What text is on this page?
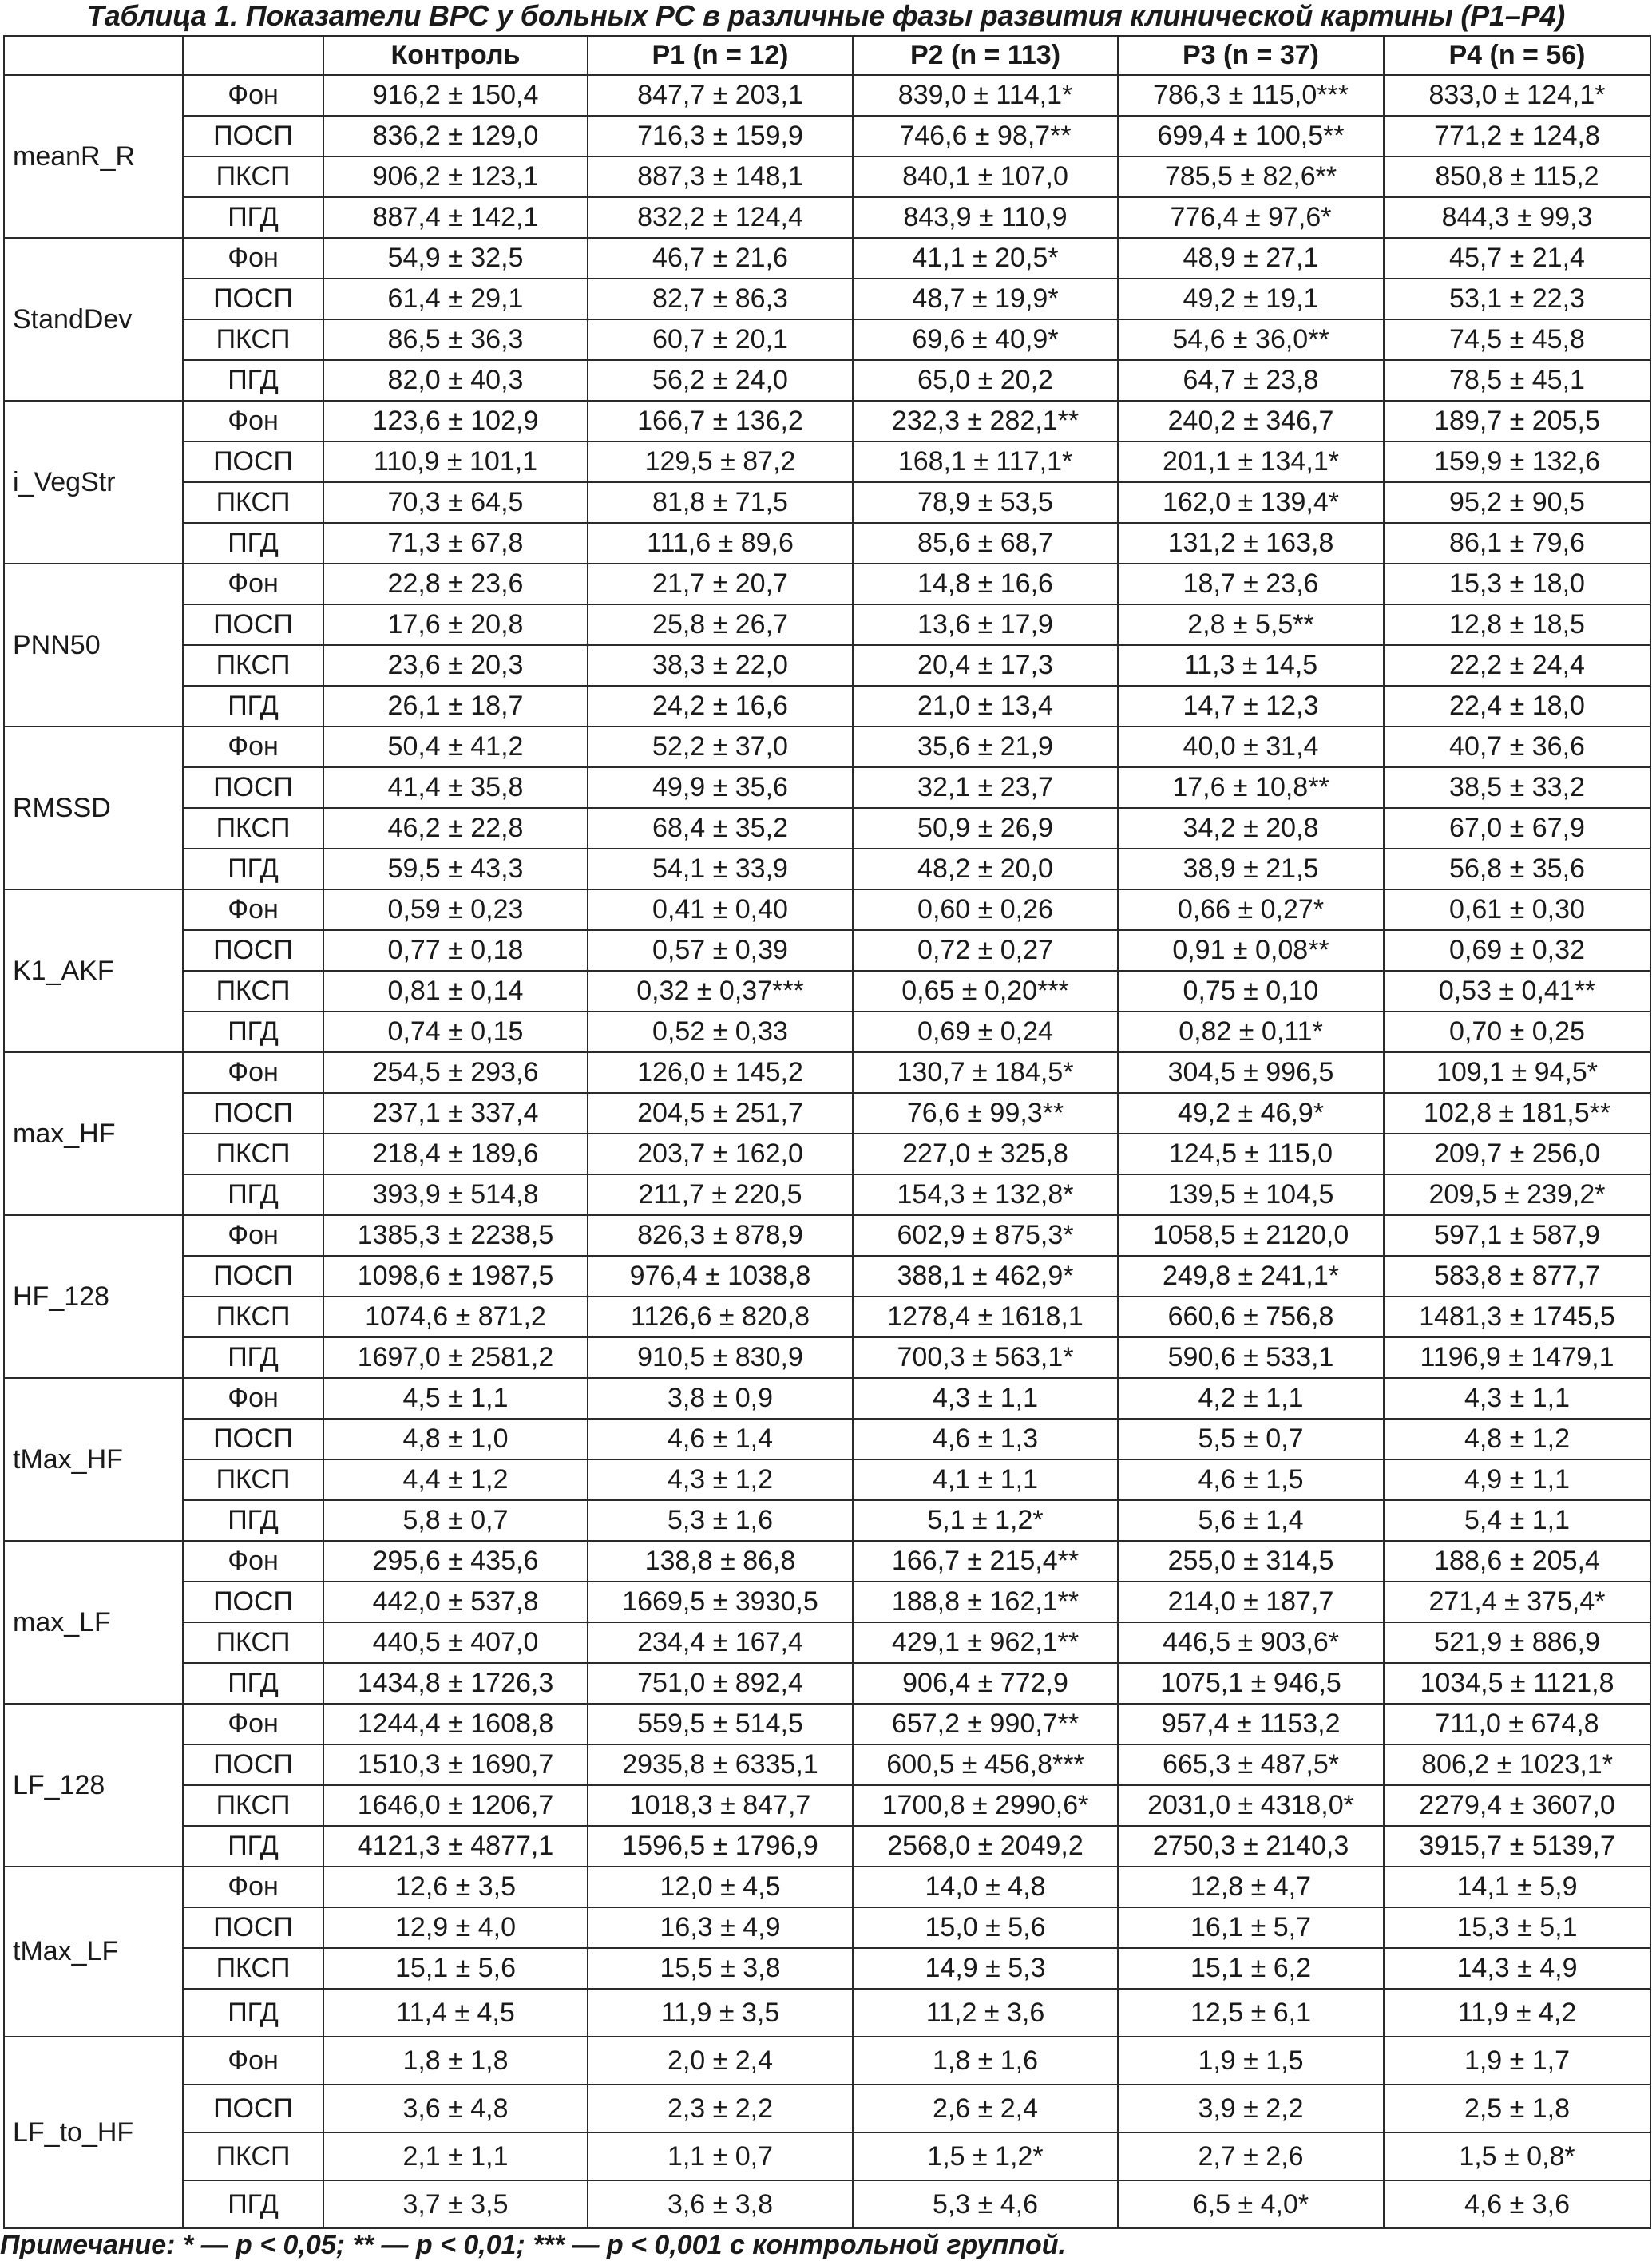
Таблица 1. Показатели ВРС у больных РС в различные фазы развития клинической картины (Р1–Р4)
		Контроль	P1 (n = 12)	P2 (n = 113)	P3 (n = 37)	P4 (n = 56)
meanR_R	Фон	916,2 ± 150,4	847,7 ± 203,1	839,0 ± 114,1*	786,3 ± 115,0***	833,0 ± 124,1*
	ПОСП	836,2 ± 129,0	716,3 ± 159,9	746,6 ± 98,7**	699,4 ± 100,5**	771,2 ± 124,8
	ПКСП	906,2 ± 123,1	887,3 ± 148,1	840,1 ± 107,0	785,5 ± 82,6**	850,8 ± 115,2
	ПГД	887,4 ± 142,1	832,2 ± 124,4	843,9 ± 110,9	776,4 ± 97,6*	844,3 ± 99,3
StandDev	Фон	54,9 ± 32,5	46,7 ± 21,6	41,1 ± 20,5*	48,9 ± 27,1	45,7 ± 21,4
	ПОСП	61,4 ± 29,1	82,7 ± 86,3	48,7 ± 19,9*	49,2 ± 19,1	53,1 ± 22,3
	ПКСП	86,5 ± 36,3	60,7 ± 20,1	69,6 ± 40,9*	54,6 ± 36,0**	74,5 ± 45,8
	ПГД	82,0 ± 40,3	56,2 ± 24,0	65,0 ± 20,2	64,7 ± 23,8	78,5 ± 45,1
i_VegStr	Фон	123,6 ± 102,9	166,7 ± 136,2	232,3 ± 282,1**	240,2 ± 346,7	189,7 ± 205,5
	ПОСП	110,9 ± 101,1	129,5 ± 87,2	168,1 ± 117,1*	201,1 ± 134,1*	159,9 ± 132,6
	ПКСП	70,3 ± 64,5	81,8 ± 71,5	78,9 ± 53,5	162,0 ± 139,4*	95,2 ± 90,5
	ПГД	71,3 ± 67,8	111,6 ± 89,6	85,6 ± 68,7	131,2 ± 163,8	86,1 ± 79,6
PNN50	Фон	22,8 ± 23,6	21,7 ± 20,7	14,8 ± 16,6	18,7 ± 23,6	15,3 ± 18,0
	ПОСП	17,6 ± 20,8	25,8 ± 26,7	13,6 ± 17,9	2,8 ± 5,5**	12,8 ± 18,5
	ПКСП	23,6 ± 20,3	38,3 ± 22,0	20,4 ± 17,3	11,3 ± 14,5	22,2 ± 24,4
	ПГД	26,1 ± 18,7	24,2 ± 16,6	21,0 ± 13,4	14,7 ± 12,3	22,4 ± 18,0
RMSSD	Фон	50,4 ± 41,2	52,2 ± 37,0	35,6 ± 21,9	40,0 ± 31,4	40,7 ± 36,6
	ПОСП	41,4 ± 35,8	49,9 ± 35,6	32,1 ± 23,7	17,6 ± 10,8**	38,5 ± 33,2
	ПКСП	46,2 ± 22,8	68,4 ± 35,2	50,9 ± 26,9	34,2 ± 20,8	67,0 ± 67,9
	ПГД	59,5 ± 43,3	54,1 ± 33,9	48,2 ± 20,0	38,9 ± 21,5	56,8 ± 35,6
K1_AKF	Фон	0,59 ± 0,23	0,41 ± 0,40	0,60 ± 0,26	0,66 ± 0,27*	0,61 ± 0,30
	ПОСП	0,77 ± 0,18	0,57 ± 0,39	0,72 ± 0,27	0,91 ± 0,08**	0,69 ± 0,32
	ПКСП	0,81 ± 0,14	0,32 ± 0,37***	0,65 ± 0,20***	0,75 ± 0,10	0,53 ± 0,41**
	ПГД	0,74 ± 0,15	0,52 ± 0,33	0,69 ± 0,24	0,82 ± 0,11*	0,70 ± 0,25
max_HF	Фон	254,5 ± 293,6	126,0 ± 145,2	130,7 ± 184,5*	304,5 ± 996,5	109,1 ± 94,5*
	ПОСП	237,1 ± 337,4	204,5 ± 251,7	76,6 ± 99,3**	49,2 ± 46,9*	102,8 ± 181,5**
	ПКСП	218,4 ± 189,6	203,7 ± 162,0	227,0 ± 325,8	124,5 ± 115,0	209,7 ± 256,0
	ПГД	393,9 ± 514,8	211,7 ± 220,5	154,3 ± 132,8*	139,5 ± 104,5	209,5 ± 239,2*
HF_128	Фон	1385,3 ± 2238,5	826,3 ± 878,9	602,9 ± 875,3*	1058,5 ± 2120,0	597,1 ± 587,9
	ПОСП	1098,6 ± 1987,5	976,4 ± 1038,8	388,1 ± 462,9*	249,8 ± 241,1*	583,8 ± 877,7
	ПКСП	1074,6 ± 871,2	1126,6 ± 820,8	1278,4 ± 1618,1	660,6 ± 756,8	1481,3 ± 1745,5
	ПГД	1697,0 ± 2581,2	910,5 ± 830,9	700,3 ± 563,1*	590,6 ± 533,1	1196,9 ± 1479,1
tMax_HF	Фон	4,5 ± 1,1	3,8 ± 0,9	4,3 ± 1,1	4,2 ± 1,1	4,3 ± 1,1
	ПОСП	4,8 ± 1,0	4,6 ± 1,4	4,6 ± 1,3	5,5 ± 0,7	4,8 ± 1,2
	ПКСП	4,4 ± 1,2	4,3 ± 1,2	4,1 ± 1,1	4,6 ± 1,5	4,9 ± 1,1
	ПГД	5,8 ± 0,7	5,3 ± 1,6	5,1 ± 1,2*	5,6 ± 1,4	5,4 ± 1,1
max_LF	Фон	295,6 ± 435,6	138,8 ± 86,8	166,7 ± 215,4**	255,0 ± 314,5	188,6 ± 205,4
	ПОСП	442,0 ± 537,8	1669,5 ± 3930,5	188,8 ± 162,1**	214,0 ± 187,7	271,4 ± 375,4*
	ПКСП	440,5 ± 407,0	234,4 ± 167,4	429,1 ± 962,1**	446,5 ± 903,6*	521,9 ± 886,9
	ПГД	1434,8 ± 1726,3	751,0 ± 892,4	906,4 ± 772,9	1075,1 ± 946,5	1034,5 ± 1121,8
LF_128	Фон	1244,4 ± 1608,8	559,5 ± 514,5	657,2 ± 990,7**	957,4 ± 1153,2	711,0 ± 674,8
	ПОСП	1510,3 ± 1690,7	2935,8 ± 6335,1	600,5 ± 456,8***	665,3 ± 487,5*	806,2 ± 1023,1*
	ПКСП	1646,0 ± 1206,7	1018,3 ± 847,7	1700,8 ± 2990,6*	2031,0 ± 4318,0*	2279,4 ± 3607,0
	ПГД	4121,3 ± 4877,1	1596,5 ± 1796,9	2568,0 ± 2049,2	2750,3 ± 2140,3	3915,7 ± 5139,7
tMax_LF	Фон	12,6 ± 3,5	12,0 ± 4,5	14,0 ± 4,8	12,8 ± 4,7	14,1 ± 5,9
	ПОСП	12,9 ± 4,0	16,3 ± 4,9	15,0 ± 5,6	16,1 ± 5,7	15,3 ± 5,1
	ПКСП	15,1 ± 5,6	15,5 ± 3,8	14,9 ± 5,3	15,1 ± 6,2	14,3 ± 4,9
	ПГД	11,4 ± 4,5	11,9 ± 3,5	11,2 ± 3,6	12,5 ± 6,1	11,9 ± 4,2
LF_to_HF	Фон	1,8 ± 1,8	2,0 ± 2,4	1,8 ± 1,6	1,9 ± 1,5	1,9 ± 1,7
	ПОСП	3,6 ± 4,8	2,3 ± 2,2	2,6 ± 2,4	3,9 ± 2,2	2,5 ± 1,8
	ПКСП	2,1 ± 1,1	1,1 ± 0,7	1,5 ± 1,2*	2,7 ± 2,6	1,5 ± 0,8*
	ПГД	3,7 ± 3,5	3,6 ± 3,8	5,3 ± 4,6	6,5 ± 4,0*	4,6 ± 3,6
Примечание: * — р < 0,05; ** — р < 0,01; *** — р < 0,001 с контрольной группой.
